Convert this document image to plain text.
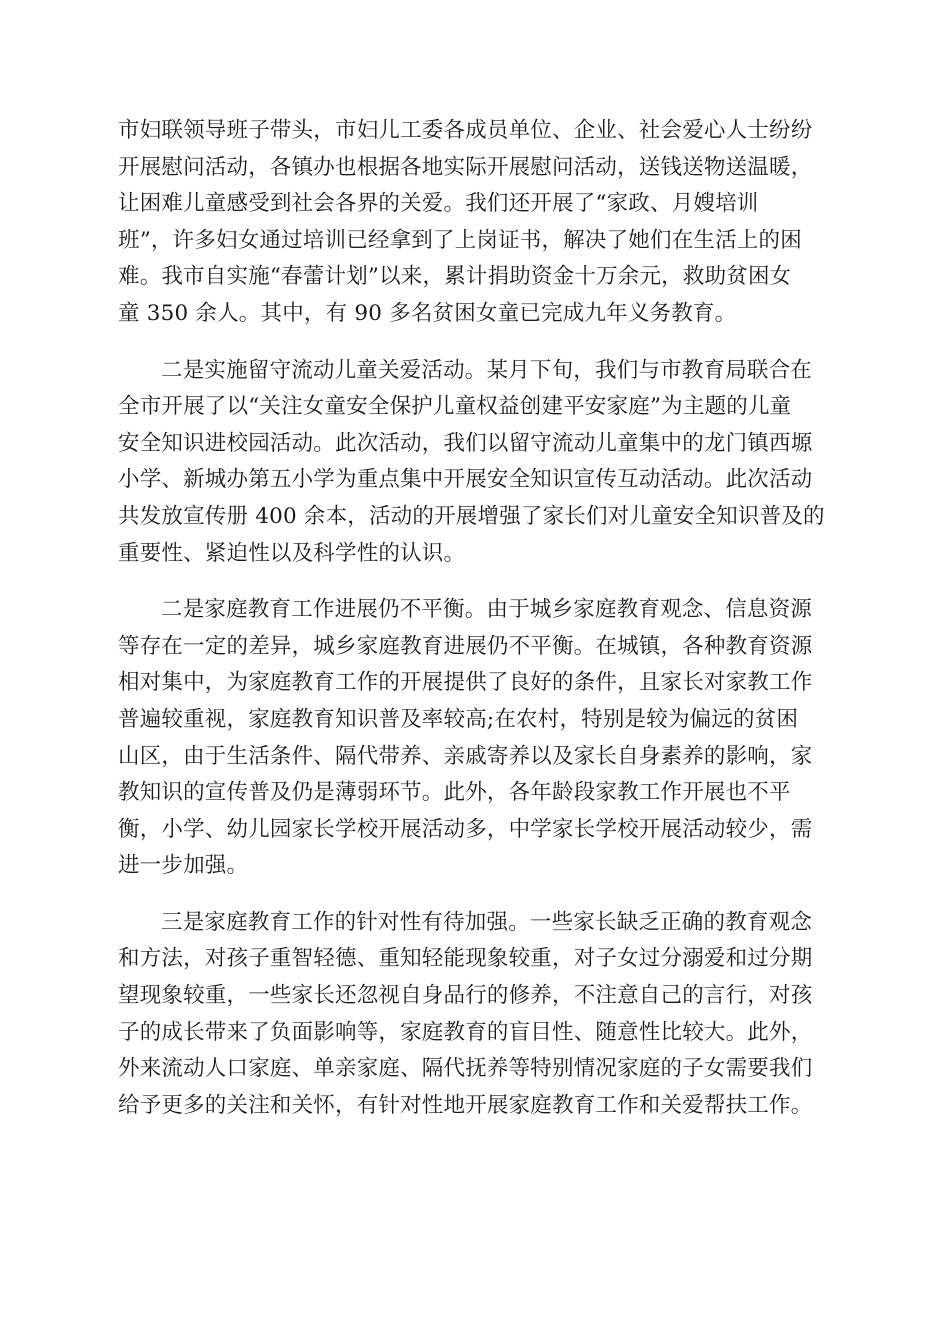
市妇联领导班子带头，市妇儿工委各成员单位、企业、社会爱心人士纷纷
开展慰问活动，各镇办也根据各地实际开展慰问活动，送钱送物送温暖，
让困难儿童感受到社会各界的关爱。我们还开展了“家政、月嫂培训
班”，许多妇女通过培训已经拿到了上岗证书，解决了她们在生活上的困
难。我市自实施“春蕾计划”以来，累计捐助资金十万余元，救助贫困女
童 350 余人。其中，有 90 多名贫困女童已完成九年义务教育。

二是实施留守流动儿童关爱活动。某月下旬，我们与市教育局联合在
全市开展了以“关注女童安全保护儿童权益创建平安家庭”为主题的儿童
安全知识进校园活动。此次活动，我们以留守流动儿童集中的龙门镇西塬
小学、新城办第五小学为重点集中开展安全知识宣传互动活动。此次活动
共发放宣传册 400 余本，活动的开展增强了家长们对儿童安全知识普及的
重要性、紧迫性以及科学性的认识。

二是家庭教育工作进展仍不平衡。由于城乡家庭教育观念、信息资源
等存在一定的差异，城乡家庭教育进展仍不平衡。在城镇，各种教育资源
相对集中，为家庭教育工作的开展提供了良好的条件，且家长对家教工作
普遍较重视，家庭教育知识普及率较高;在农村，特别是较为偏远的贫困
山区，由于生活条件、隔代带养、亲戚寄养以及家长自身素养的影响，家
教知识的宣传普及仍是薄弱环节。此外，各年龄段家教工作开展也不平
衡，小学、幼儿园家长学校开展活动多，中学家长学校开展活动较少，需
进一步加强。

三是家庭教育工作的针对性有待加强。一些家长缺乏正确的教育观念
和方法，对孩子重智轻德、重知轻能现象较重，对子女过分溺爱和过分期
望现象较重，一些家长还忽视自身品行的修养，不注意自己的言行，对孩
子的成长带来了负面影响等，家庭教育的盲目性、随意性比较大。此外，
外来流动人口家庭、单亲家庭、隔代抚养等特别情况家庭的子女需要我们
给予更多的关注和关怀，有针对性地开展家庭教育工作和关爱帮扶工作。
